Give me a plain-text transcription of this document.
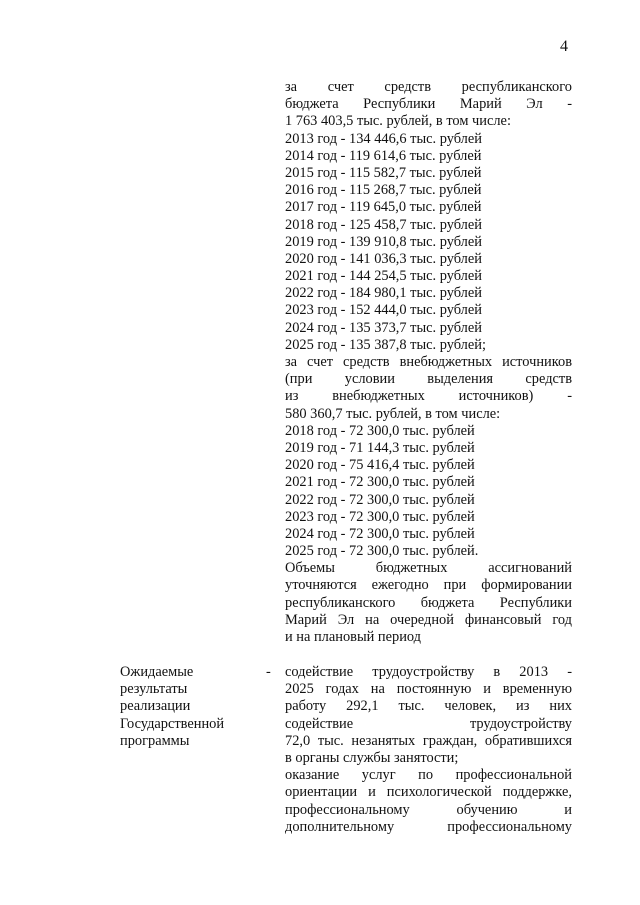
4
за счет средств республиканского
бюджета Республики Марий Эл -
1 763 403,5 тыс. рублей, в том числе:
2013 год - 134 446,6 тыс. рублей
2014 год - 119 614,6 тыс. рублей
2015 год - 115 582,7 тыс. рублей
2016 год - 115 268,7 тыс. рублей
2017 год - 119 645,0 тыс. рублей
2018 год - 125 458,7 тыс. рублей
2019 год - 139 910,8 тыс. рублей
2020 год - 141 036,3 тыс. рублей
2021 год - 144 254,5 тыс. рублей
2022 год - 184 980,1 тыс. рублей
2023 год - 152 444,0 тыс. рублей
2024 год - 135 373,7 тыс. рублей
2025 год - 135 387,8 тыс. рублей;
за счет средств внебюджетных источников
(при условии выделения средств
из внебюджетных источников) -
580 360,7 тыс. рублей, в том числе:
2018 год - 72 300,0 тыс. рублей
2019 год - 71 144,3 тыс. рублей
2020 год - 75 416,4 тыс. рублей
2021 год - 72 300,0 тыс. рублей
2022 год - 72 300,0 тыс. рублей
2023 год - 72 300,0 тыс. рублей
2024 год - 72 300,0 тыс. рублей
2025 год - 72 300,0 тыс. рублей.
Объемы бюджетных ассигнований
уточняются ежегодно при формировании
республиканского бюджета Республики
Марий Эл на очередной финансовый год
и на плановый период
Ожидаемые
результаты
реализации
Государственной
программы
- содействие трудоустройству в 2013 -
2025 годах на постоянную и временную
работу 292,1 тыс. человек, из них
содействие трудоустройству
72,0 тыс. незанятых граждан, обратившихся
в органы службы занятости;
оказание услуг по профессиональной
ориентации и психологической поддержке,
профессиональному обучению и
дополнительному профессиональному
